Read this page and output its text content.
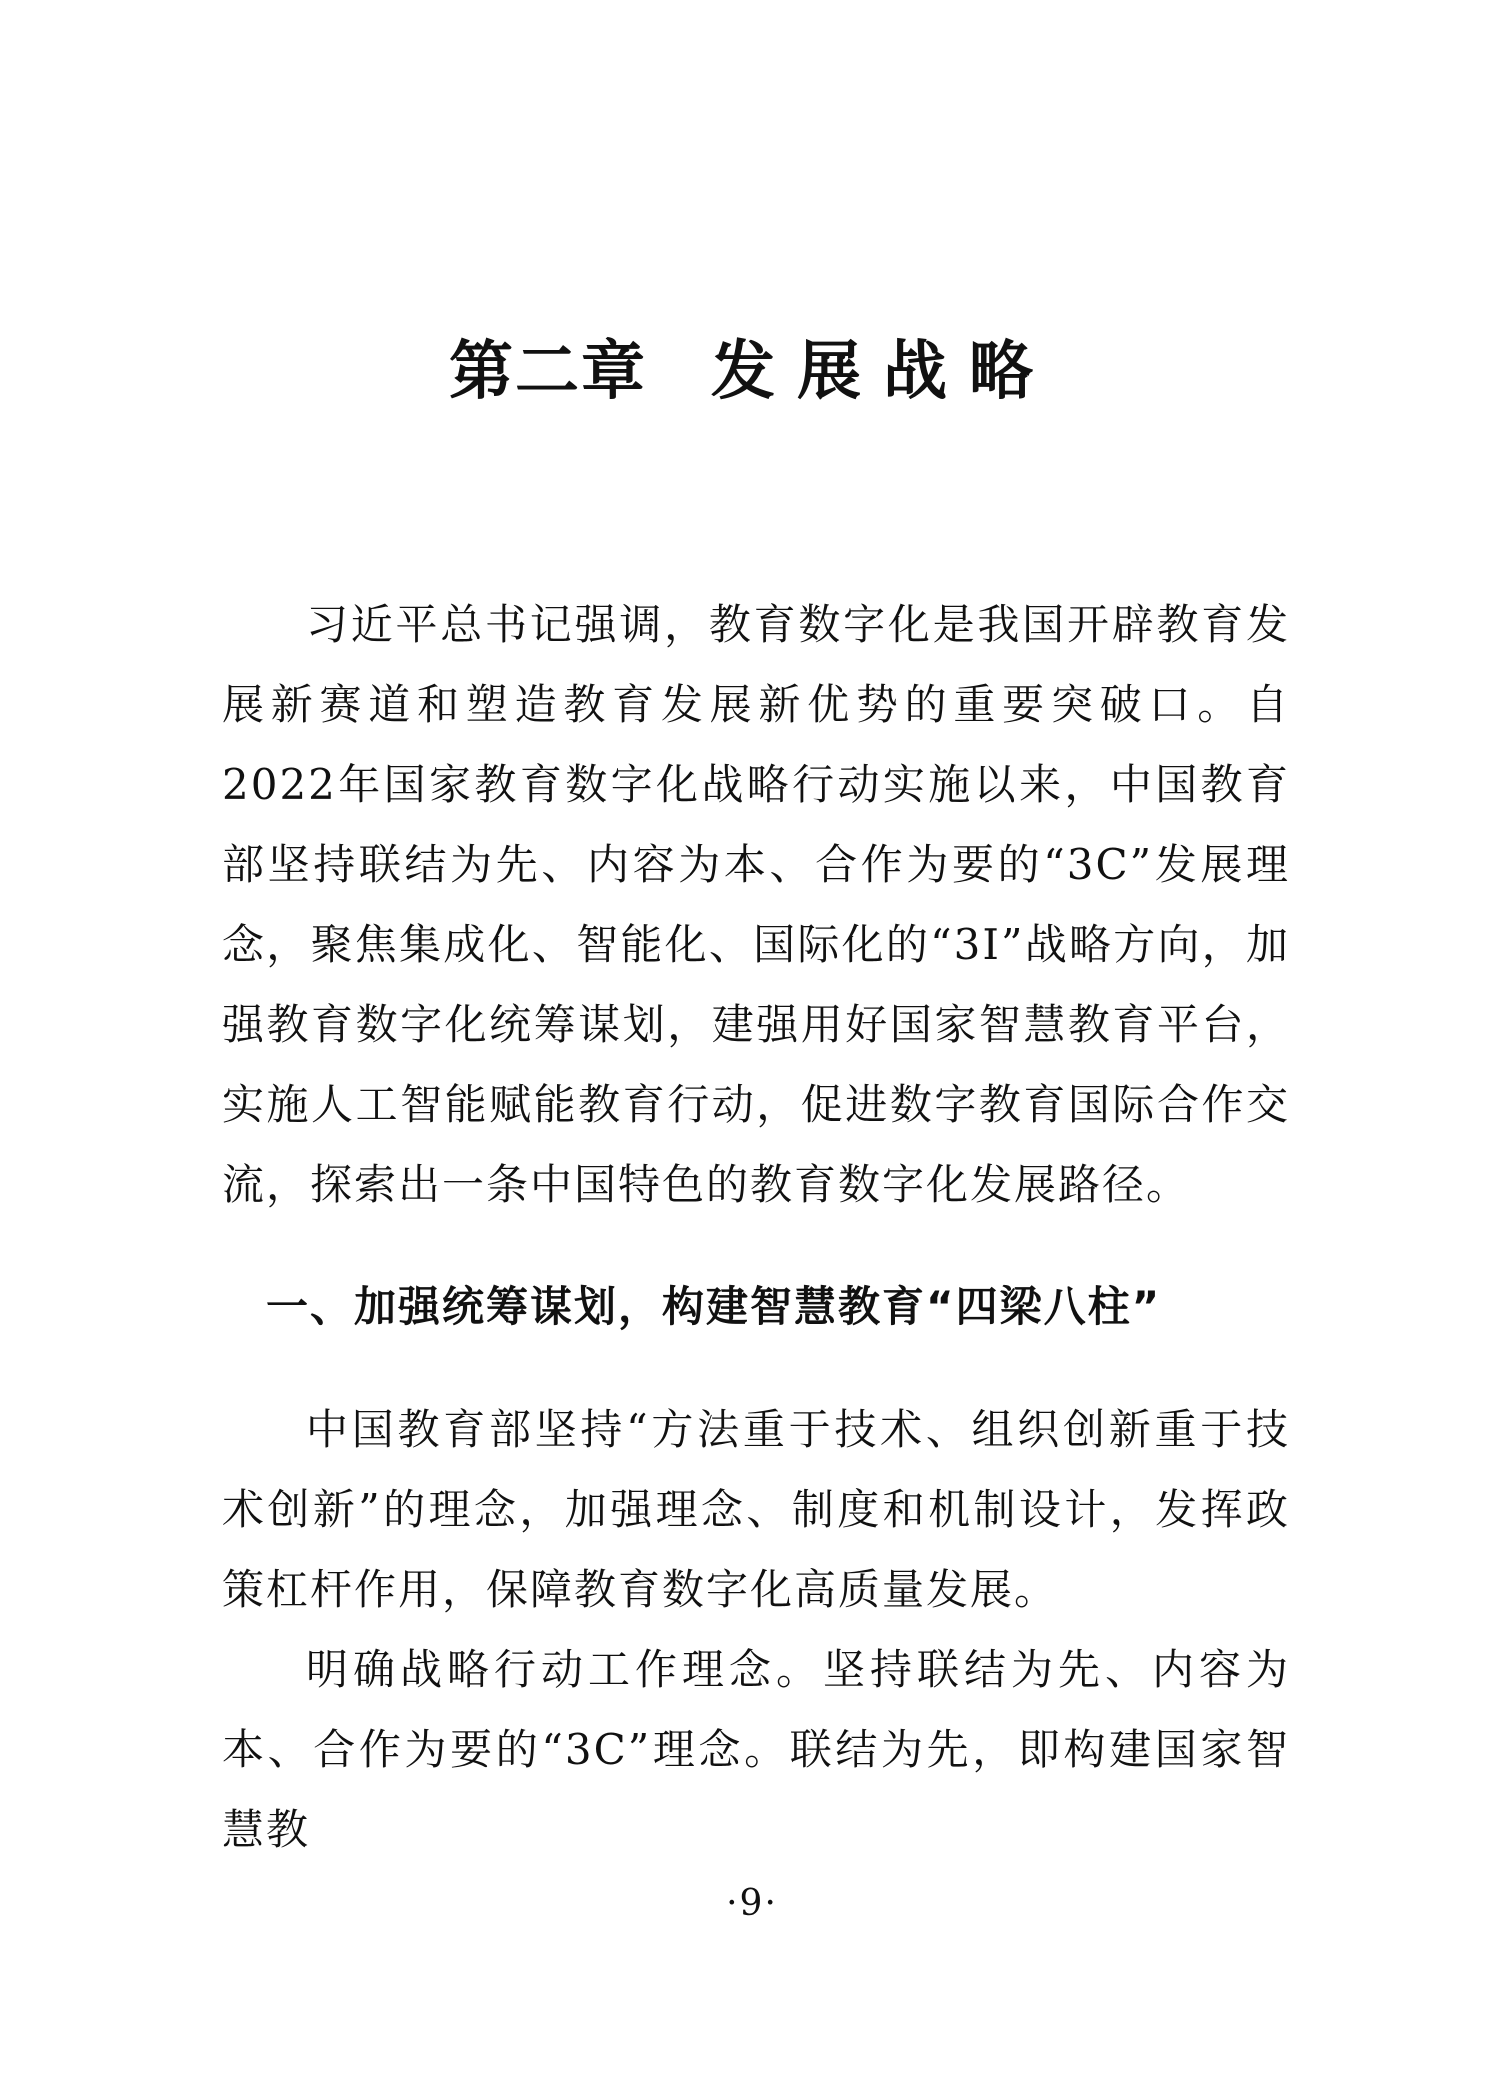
第二章 发展战略

习近平总书记强调，教育数字化是我国开辟教育发展新赛道和塑造教育发展新优势的重要突破口。自2022年国家教育数字化战略行动实施以来，中国教育部坚持联结为先、内容为本、合作为要的“3C”发展理念，聚焦集成化、智能化、国际化的“3I”战略方向，加强教育数字化统筹谋划，建强用好国家智慧教育平台，实施人工智能赋能教育行动，促进数字教育国际合作交流，探索出一条中国特色的教育数字化发展路径。

一、加强统筹谋划，构建智慧教育“四梁八柱”

中国教育部坚持“方法重于技术、组织创新重于技术创新”的理念，加强理念、制度和机制设计，发挥政策杠杆作用，保障教育数字化高质量发展。

明确战略行动工作理念。坚持联结为先、内容为本、合作为要的“3C”理念。联结为先，即构建国家智慧教

·9·
